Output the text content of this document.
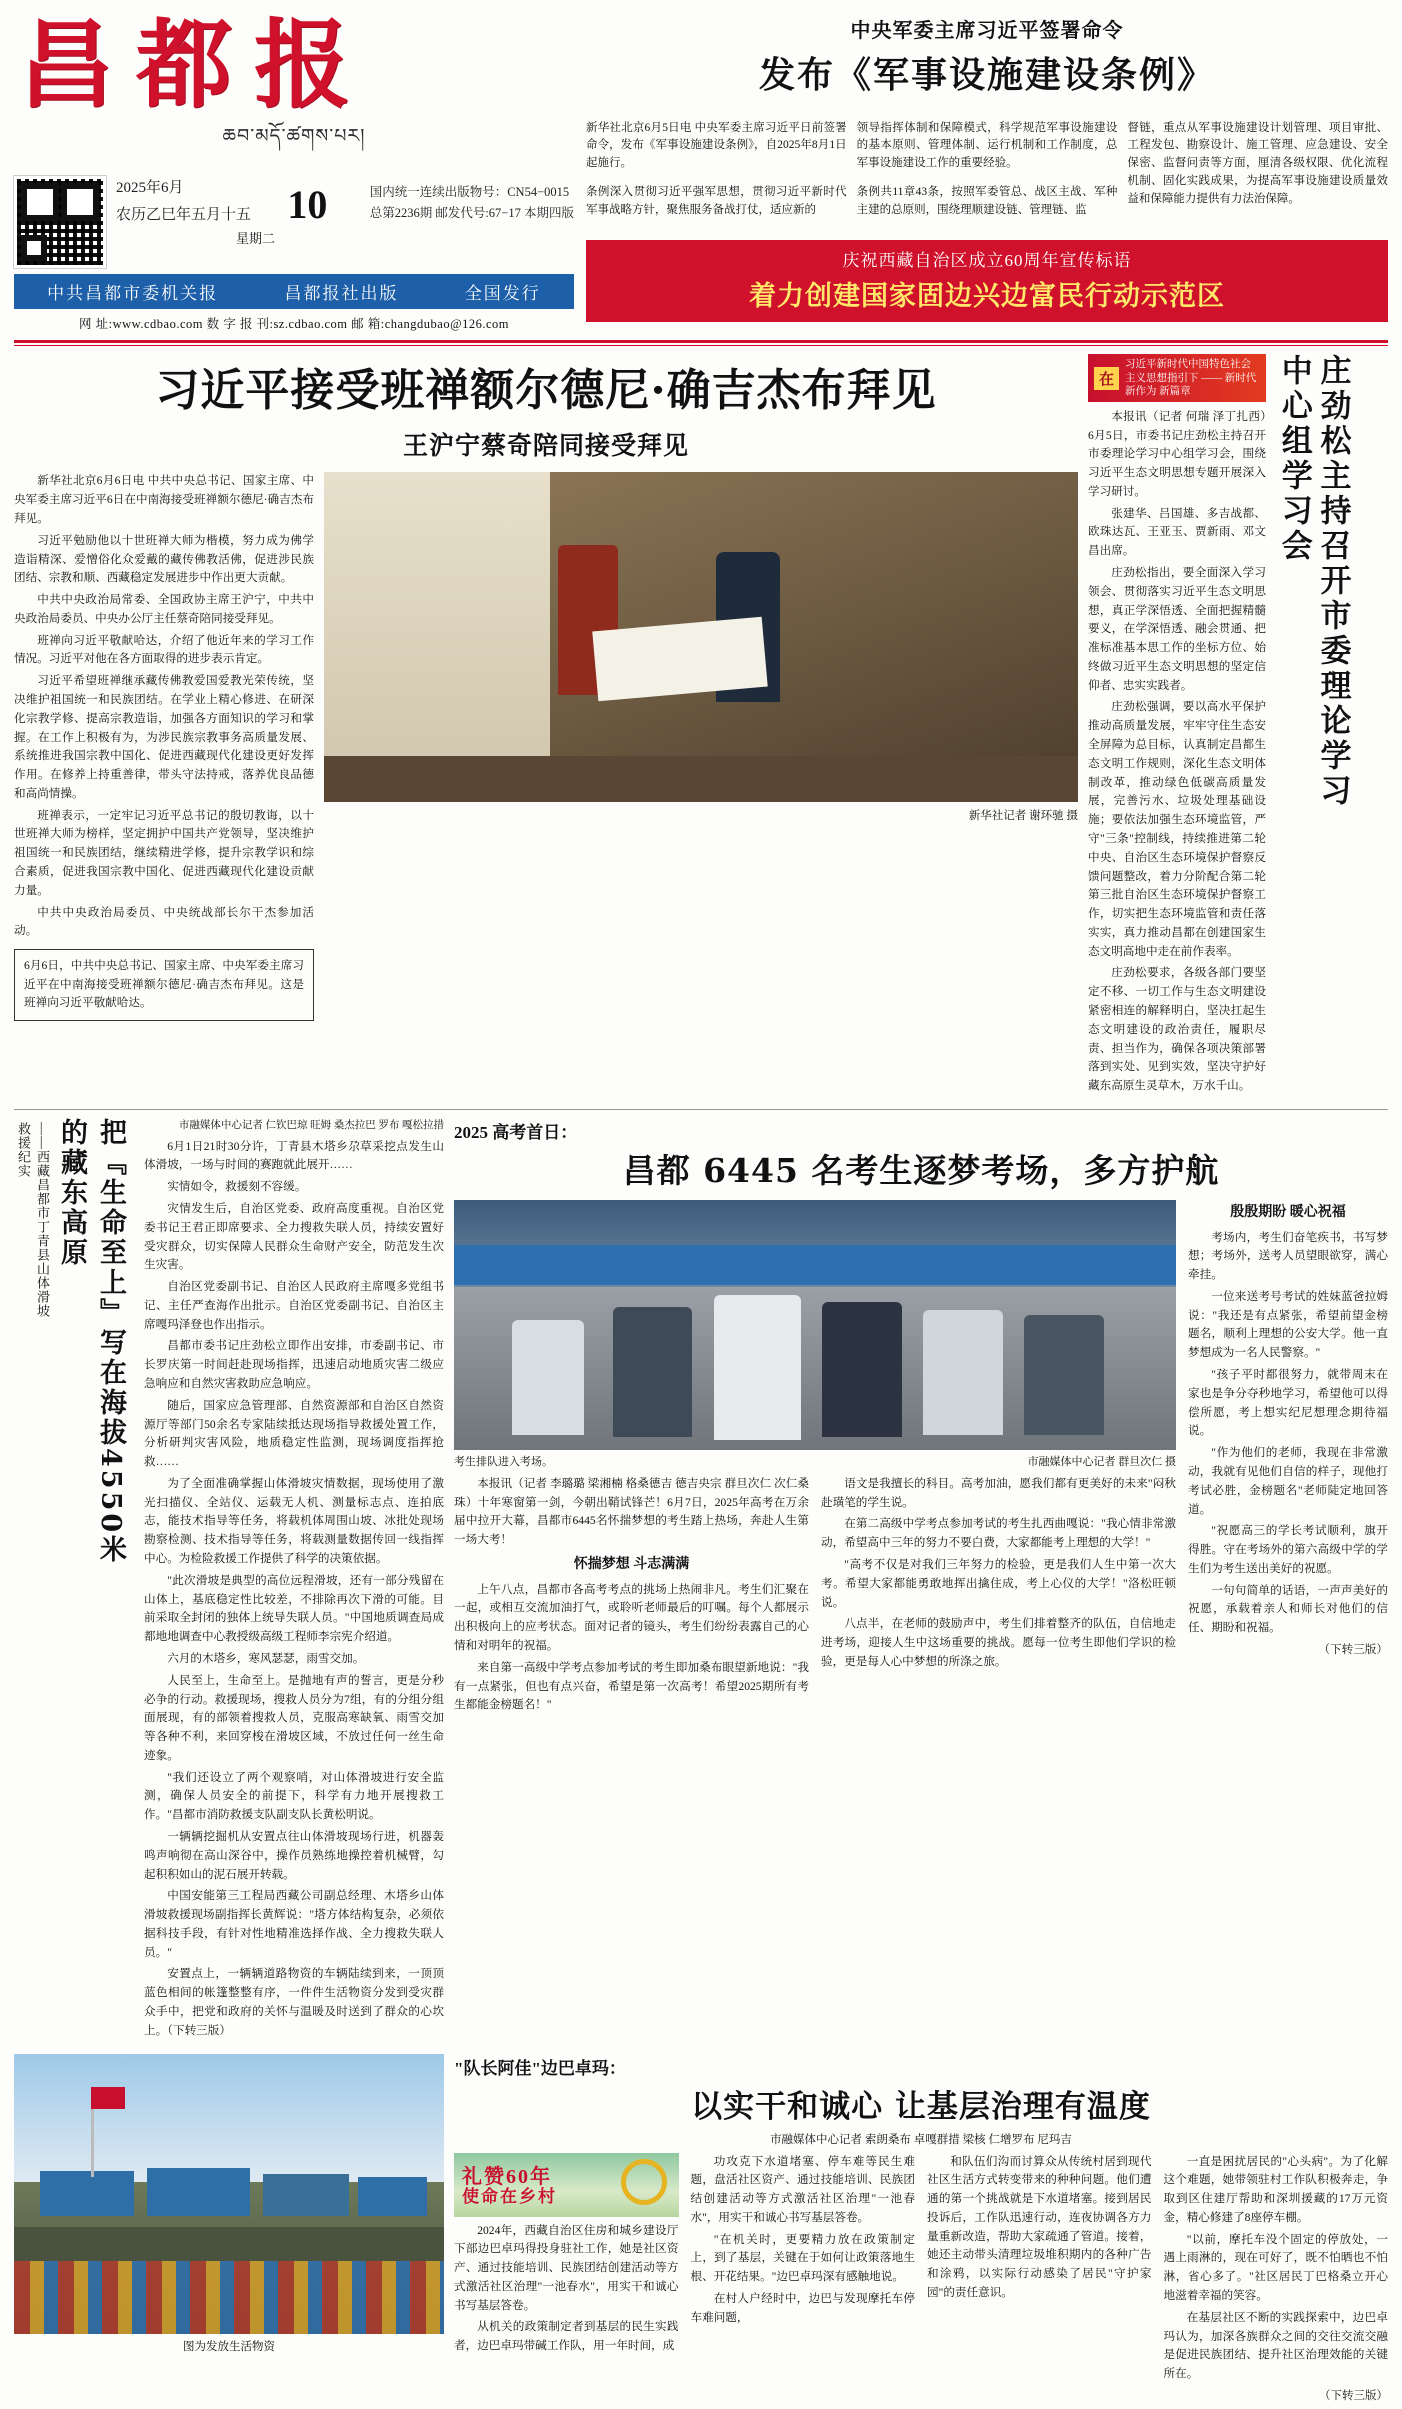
昌都报
ཆབ་མདོ་ཚགས་པར།
2025年6月
农历乙巳年五月十五 10	国内统一连续出版物号：CN54−0015
总第2236期 邮发代号:67−17 本期四版
星期二
中共昌都市委机关报	昌都报社出版	全国发行
网 址:www.cdbao.com 数 字 报 刊:sz.cdbao.com 邮 箱:changdubao@126.com
中央军委主席习近平签署命令
发布《军事设施建设条例》

新华社北京6月5日电 中央军委主席习近平日前签署命令，发布《军事设施建设条例》，自2025年8月1日起施行。

条例深入贯彻习近平强军思想，贯彻习近平新时代军事战略方针，聚焦服务备战打仗，适应新的

领导指挥体制和保障模式，科学规范军事设施建设的基本原则、管理体制、运行机制和工作制度，总军事设施建设工作的重要经验。

条例共11章43条，按照军委管总、战区主战、军种主建的总原则，围绕理顺建设链、管理链、监

督链，重点从军事设施建设计划管理、项目审批、工程发包、勘察设计、施工管理、应急建设、安全保密、监督问责等方面，厘清各级权限、优化流程机制、固化实践成果，为提高军事设施建设质量效益和保障能力提供有力法治保障。

庆祝西藏自治区成立60周年宣传标语
着力创建国家固边兴边富民行动示范区
习近平接受班禅额尔德尼·确吉杰布拜见
王沪宁蔡奇陪同接受拜见

新华社北京6月6日电 中共中央总书记、国家主席、中央军委主席习近平6日在中南海接受班禅额尔德尼·确吉杰布拜见。

习近平勉励他以十世班禅大师为楷模，努力成为佛学造诣精深、爱憎俗化众爱戴的藏传佛教活佛，促进涉民族团结、宗教和顺、西藏稳定发展进步中作出更大贡献。

中共中央政治局常委、全国政协主席王沪宁，中共中央政治局委员、中央办公厅主任蔡奇陪同接受拜见。

班禅向习近平敬献哈达，介绍了他近年来的学习工作情况。习近平对他在各方面取得的进步表示肯定。

习近平希望班禅继承藏传佛教爱国爱教光荣传统，坚决维护祖国统一和民族团结。在学业上精心修进、在研深化宗教学修、提高宗教造诣，加强各方面知识的学习和掌握。在工作上积极有为，为涉民族宗教事务高质量发展、系统推进我国宗教中国化、促进西藏现代化建设更好发挥作用。在修养上持重善律，带头守法持戒，落养优良品德和高尚情操。

班禅表示，一定牢记习近平总书记的殷切教诲，以十世班禅大师为榜样，坚定拥护中国共产党领导，坚决维护祖国统一和民族团结，继续精进学修，提升宗教学识和综合素质，促进我国宗教中国化、促进西藏现代化建设贡献力量。

中共中央政治局委员、中央统战部长尔干杰参加活动。

6月6日，中共中央总书记、国家主席、中央军委主席习近平在中南海接受班禅额尔德尼·确吉杰布拜见。这是班禅向习近平敬献哈达。
新华社记者 谢环驰 摄
在
习近平新时代中国特色社会主义思想指引下 —— 新时代 新作为 新篇章

本报讯（记者 何瑞 泽丁扎西）6月5日，市委书记庄劲松主持召开市委理论学习中心组学习会，围绕习近平生态文明思想专题开展深入学习研讨。

张建华、吕国雄、多吉战都、欧珠达瓦、王亚玉、贾新雨、邓文昌出席。

庄劲松指出，要全面深入学习领会、贯彻落实习近平生态文明思想，真正学深悟透、全面把握精髓要义，在学深悟透、融会贯通、把准标准基本思工作的坐标方位、始终做习近平生态文明思想的坚定信仰者、忠实实践者。

庄劲松强调，要以高水平保护推动高质量发展，牢牢守住生态安全屏障为总目标，认真制定昌都生态文明工作规则，深化生态文明体制改革，推动绿色低碳高质量发展，完善污水、垃圾处理基础设施；要依法加强生态环境监管，严守"三条"控制线，持续推进第二轮中央、自治区生态环境保护督察反馈问题整改，着力分阶配合第二轮第三批自治区生态环境保护督察工作，切实把生态环境监管和责任落实实，真力推动昌都在创建国家生态文明高地中走在前作表率。

庄劲松要求，各级各部门要坚定不移、一切工作与生态文明建设紧密相连的解释明白，坚决扛起生态文明建设的政治责任，履职尽责、担当作为，确保各项决策部署落到实处、见到实效，坚决守护好藏东高原生灵草木，万水千山。

庄劲松主持召开市委理论学习中心组学习会
——西藏昌都市丁青县山体滑坡救援纪实	把『生命至上』写在海拔4550米的藏东高原	市融媒体中心记者 仁钦巴琼 旺姆 桑杰拉巴 罗布 嘎松拉措

6月1日21时30分许，丁青县木塔乡尕草采挖点发生山体滑坡，一场与时间的赛跑就此展开……

实情如令，救援刻不容缓。

灾情发生后，自治区党委、政府高度重视。自治区党委书记王君正即席要求、全力搜救失联人员，持续安置好受灾群众，切实保障人民群众生命财产安全，防范发生次生灾害。

自治区党委副书记、自治区人民政府主席嘎多党组书记、主任严查海作出批示。自治区党委副书记、自治区主席嘎玛泽登也作出指示。

昌都市委书记庄劲松立即作出安排，市委副书记、市长罗庆第一时间赶赴现场指挥，迅速启动地质灾害二级应急响应和自然灾害救助应急响应。

随后，国家应急管理部、自然资源部和自治区自然资源厅等部门50余名专家陆续抵达现场指导救援处置工作，分析研判灾害风险，地质稳定性监测，现场调度指挥抢救……

为了全面准确掌握山体滑坡灾情数据，现场使用了激光扫描仪、全站仪、运载无人机、测量标志点、连拍底志，能技术指导等任务，将载机体周围山坡、冰批处现场勘察检测、技术指导等任务，将载测量数据传回一线指挥中心。为检险救援工作提供了科学的决策依据。

"此次滑坡是典型的高位远程滑坡，还有一部分残留在山体上，基底稳定性比较差，不排除再次下滑的可能。目前采取全封闭的独体上统导失联人员。"中国地质调查局成都地地调查中心教授级高级工程师李宗宪介绍道。

六月的木塔乡，寒风瑟瑟，雨雪交加。

人民至上，生命至上。是抛地有声的誓言，更是分秒必争的行动。救援现场，搜救人员分为7组，有的分组分组面展现，有的部领着搜救人员，克服高寒缺氧、雨雪交加等各种不利，来回穿梭在滑坡区域，不放过任何一丝生命迹象。

"我们还设立了两个观察哨，对山体滑坡进行安全监测，确保人员安全的前提下，科学有力地开展搜救工作。"昌都市消防救援支队副支队长黄松明说。

一辆辆挖掘机从安置点往山体滑坡现场行进，机器轰鸣声响彻在高山深谷中，操作员熟练地操控着机械臂，勾起积积如山的泥石展开转载。

中国安能第三工程局西藏公司副总经理、木塔乡山体滑坡救援现场副指挥长黄辉说："塔方体结构复杂，必须依据科技手段，有针对性地精准选择作战、全力搜救失联人员。"

安置点上，一辆辆道路物资的车辆陆续到来，一顶顶蓝色相间的帐篷整整有序，一件件生活物资分发到受灾群众手中，把党和政府的关怀与温暖及时送到了群众的心坎上。（下转三版）

2025 高考首日：
昌都 6445 名考生逐梦考场，多方护航
考生排队进入考场。	市融媒体中心记者 群旦次仁 摄

本报讯（记者 李璐璐 梁湘楠 格桑德吉 德吉央宗 群旦次仁 次仁桑珠）十年寒窗第一剑，今朝出鞘试锋芒！6月7日，2025年高考在万余届中拉开大幕，昌都市6445名怀揣梦想的考生踏上热场，奔赴人生第一场大考！

怀揣梦想 斗志满满

上午八点，昌都市各高考考点的挑场上热闹非凡。考生们汇聚在一起，或相互交流加油打气，或聆听老师最后的叮嘱。每个人都展示出积极向上的应考状态。面对记者的镜头，考生们纷纷表露自己的心情和对明年的祝福。

来自第一高级中学考点参加考试的考生即加桑布眼望新地说："我有一点紧张，但也有点兴奋，希望是第一次高考！希望2025期所有考生都能金榜题名！"

语文是我擅长的科目。高考加油，愿我们都有更美好的未来"闷秋赴璜笔的学生说。

在第二高级中学考点参加考试的考生扎西曲嘎说："我心情非常激动，希望高中三年的努力不要白费，大家都能考上理想的大学！"

"高考不仅是对我们三年努力的检验，更是我们人生中第一次大考。希望大家都能勇敢地挥出擒住成，考上心仪的大学！"洛松旺顿说。

八点半，在老师的鼓励声中，考生们排着整齐的队伍，自信地走进考场，迎接人生中这场重要的挑战。愿每一位考生即他们学识的检验，更是每人心中梦想的所涤之旅。

殷殷期盼 暖心祝福

考场内，考生们奋笔疾书，书写梦想；考场外，送考人员望眼欲穿，满心牵挂。

一位来送考号考试的姓妹蓝爸拉姆说："我还是有点紧张，希望前望金榜题名，顺利上理想的公安大学。他一直梦想成为一名人民警察。"

"孩子平时都很努力，就带周末在家也是争分夺秒地学习，希望他可以得偿所愿，考上想实纪尼想理念期待福说。

"作为他们的老师，我现在非常激动，我就有见他们自信的样子，现他打考试必胜，金榜题名"老师陡定地回答道。

"祝愿高三的学长考试顺利，旗开得胜。守在考场外的第六高级中学的学生们为考生送出美好的祝愿。

一句句简单的话语，一声声美好的祝愿，承载着亲人和师长对他们的信任、期盼和祝福。

（下转三版）

图为发放生活物资
"队长阿佳"边巴卓玛：
以实干和诚心 让基层治理有温度
市融媒体中心记者 索朗桑布 卓嘎群措 梁核 仁增罗布 尼玛吉
礼赞60年
使命在乡村

2024年，西藏自治区住房和城乡建设厅下部边巴卓玛得投身驻社工作，她是社区资产、通过技能培训、民族团结创建活动等方式激活社区治理"一池春水"，用实干和诚心书写基层答卷。

从机关的政策制定者到基层的民生实践者，边巴卓玛带碱工作队，用一年时间，成

功攻克下水道堵塞、停车难等民生难题，盘活社区资产、通过技能培训、民族团结创建活动等方式激活社区治理"一池春水"，用实干和诚心书写基层答卷。

"在机关时，更要精力放在政策制定上，到了基层，关键在于如何让政策落地生根、开花结果。"边巴卓玛深有感触地说。

在村人户经时中，边巴与发现摩托车停车难问题，

和队伍们沟而讨算众从传统村居到现代社区生活方式转变带来的种种问题。他们遭通的第一个挑战就是下水道堵塞。接到居民投诉后，工作队迅速行动，连夜协调各方力量重新改造，帮助大家疏通了管道。接着，她还主动带头清理垃圾堆积期内的各种广告和涂鸦，以实际行动感染了居民"守护家园"的责任意识。

一直是困扰居民的"心头病"。为了化解这个难题，她带领驻村工作队积极奔走，争取到区住建厅帮助和深圳援藏的17万元资金，精心修建了8座停车棚。

"以前，摩托车没个固定的停放处，一遇上雨淋的，现在可好了，既不怕晒也不怕淋，省心多了。"社区居民丁巴格桑立开心地滋着幸福的笑容。

在基层社区不断的实践探索中，边巴卓玛认为，加深各族群众之间的交往交流交融是促进民族团结、提升社区治理效能的关键所在。

（下转三版）
